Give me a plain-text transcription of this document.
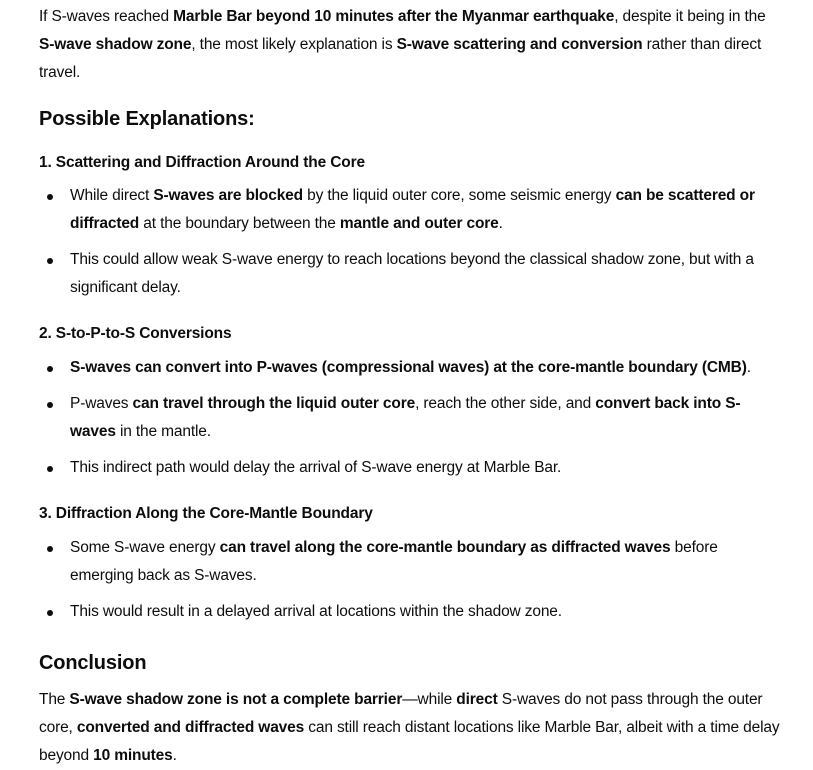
If S-waves reached Marble Bar beyond 10 minutes after the Myanmar earthquake, despite it being in the S-wave shadow zone, the most likely explanation is S-wave scattering and conversion rather than direct travel.

Possible Explanations:
1. Scattering and Diffraction Around the Core
While direct S-waves are blocked by the liquid outer core, some seismic energy can be scattered or diffracted at the boundary between the mantle and outer core.
This could allow weak S-wave energy to reach locations beyond the classical shadow zone, but with a significant delay.
2. S-to-P-to-S Conversions
S-waves can convert into P-waves (compressional waves) at the core-mantle boundary (CMB).
P-waves can travel through the liquid outer core, reach the other side, and convert back into S-waves in the mantle.
This indirect path would delay the arrival of S-wave energy at Marble Bar.
3. Diffraction Along the Core-Mantle Boundary
Some S-wave energy can travel along the core-mantle boundary as diffracted waves before emerging back as S-waves.
This would result in a delayed arrival at locations within the shadow zone.
Conclusion

The S-wave shadow zone is not a complete barrier—while direct S-waves do not pass through the outer core, converted and diffracted waves can still reach distant locations like Marble Bar, albeit with a time delay beyond 10 minutes.
